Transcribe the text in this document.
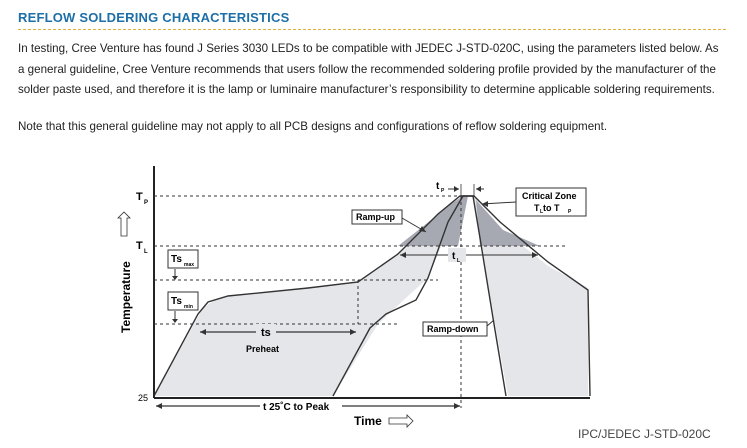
REFLOW SOLDERING CHARACTERISTICS
In testing, Cree Venture has found J Series 3030 LEDs to be compatible with JEDEC J-STD-020C, using the parameters listed below. As a general guideline, Cree Venture recommends that users follow the recommended soldering profile provided by the manufacturer of the solder paste used, and therefore it is the lamp or luminaire manufacturer’s responsibility to determine applicable soldering requirements.
Note that this general guideline may not apply to all PCB designs and configurations of reflow soldering equipment.
T P
T L
25
Temperature
Ts max
Ts min
ts
Preheat
t 25˚C to Peak
Time
t P
t L
Ramp-up
Ramp-down
Critical Zone
T L to T P
IPC/JEDEC J-STD-020C
